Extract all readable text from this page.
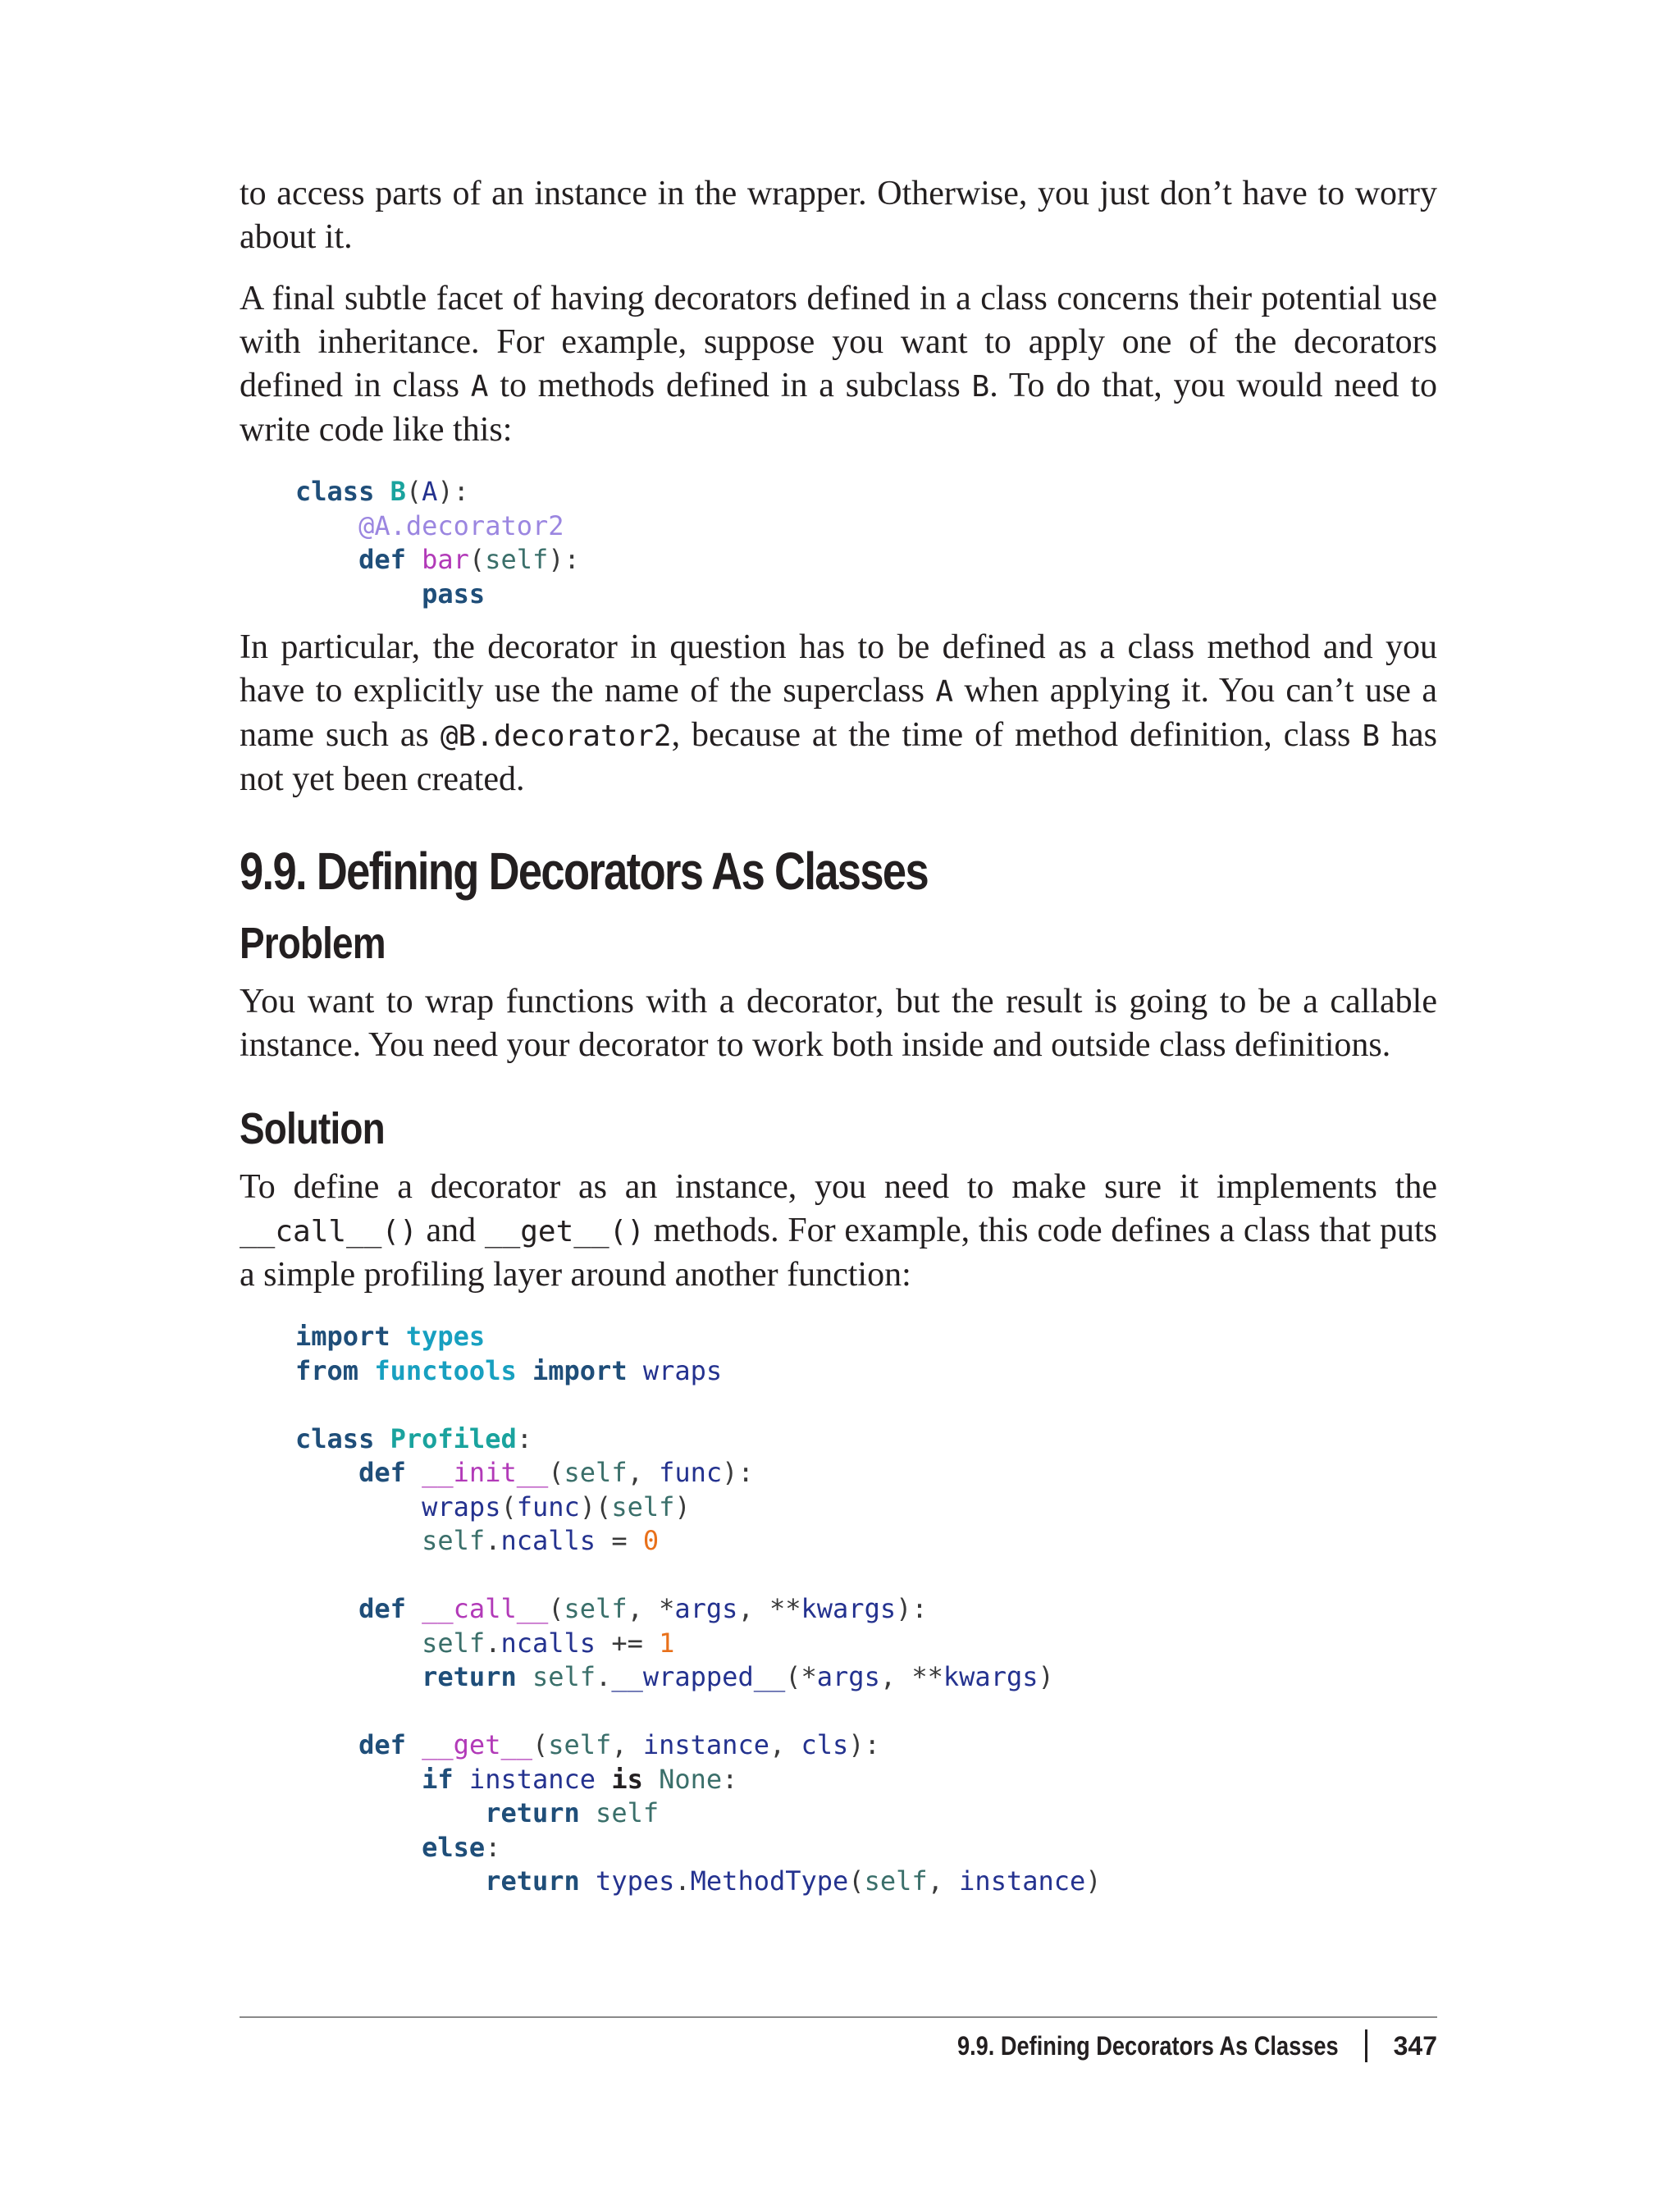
to access parts of an instance in the wrapper. Otherwise, you just don’t have to worry about it.

A final subtle facet of having decorators defined in a class concerns their potential use with inheritance. For example, suppose you want to apply one of the decorators defined in class A to methods defined in a subclass B. To do that, you would need to write code like this:

class B(A):
@A.decorator2
def bar(self):
pass

In particular, the decorator in question has to be defined as a class method and you have to explicitly use the name of the superclass A when applying it. You can’t use a name such as @B.decorator2, because at the time of method definition, class B has not yet been created.

9.9. Defining Decorators As Classes
Problem

You want to wrap functions with a decorator, but the result is going to be a callable instance. You need your decorator to work both inside and outside class definitions.

Solution

To define a decorator as an instance, you need to make sure it implements the __call__() and __get__() methods. For example, this code defines a class that puts a simple profiling layer around another function:

import types
from functools import wraps

class Profiled:
def __init__(self, func):
wraps(func)(self)
self.ncalls = 0

def __call__(self, *args, **kwargs):
self.ncalls += 1
return self.__wrapped__(*args, **kwargs)

def __get__(self, instance, cls):
if instance is None:
return self
else:
return types.MethodType(self, instance)
9.9. Defining Decorators As Classes 347
